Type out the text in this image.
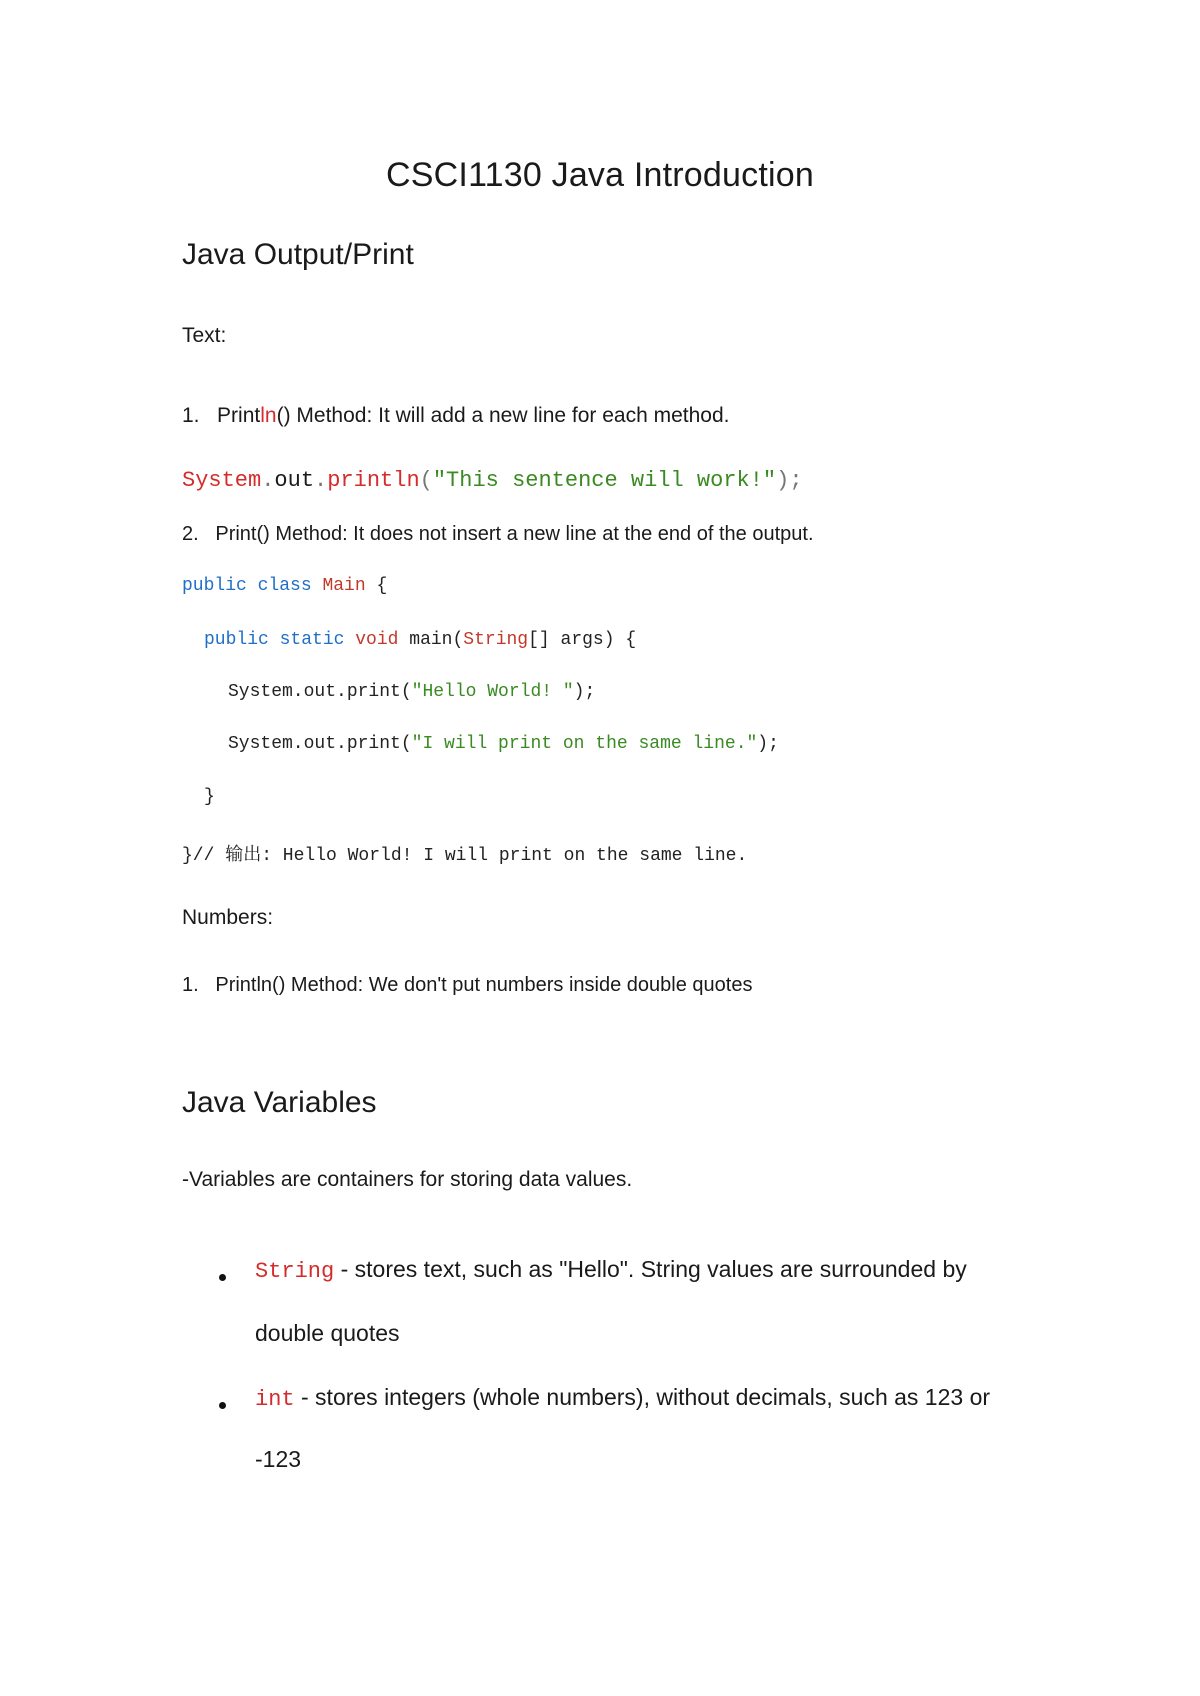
CSCI1130 Java Introduction
Java Output/Print
Text:
1. Println() Method: It will add a new line for each method.
System.out.println("This sentence will work!");
2. Print() Method: It does not insert a new line at the end of the output.
public class Main {
public static void main(String[] args) {
System.out.print("Hello World! ");
System.out.print("I will print on the same line.");
}
}// 输出: Hello World! I will print on the same line.
Numbers:
1. Println() Method: We don't put numbers inside double quotes
Java Variables
-Variables are containers for storing data values.
String - stores text, such as "Hello". String values are surrounded by
double quotes
int - stores integers (whole numbers), without decimals, such as 123 or
-123
